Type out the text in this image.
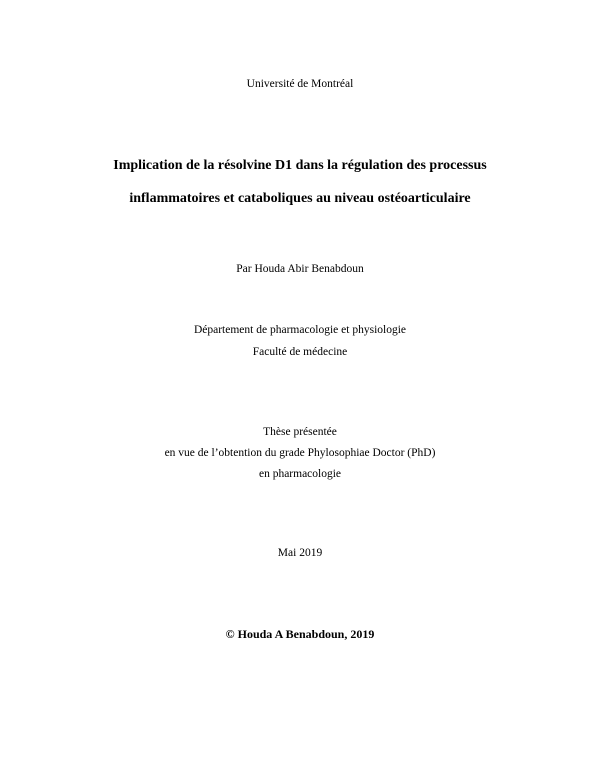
Université de Montréal
Implication de la résolvine D1 dans la régulation des processus
inflammatoires et cataboliques au niveau ostéoarticulaire
Par Houda Abir Benabdoun
Département de pharmacologie et physiologie
Faculté de médecine
Thèse présentée
en vue de l’obtention du grade Phylosophiae Doctor (PhD)
en pharmacologie
Mai 2019
© Houda A Benabdoun, 2019
